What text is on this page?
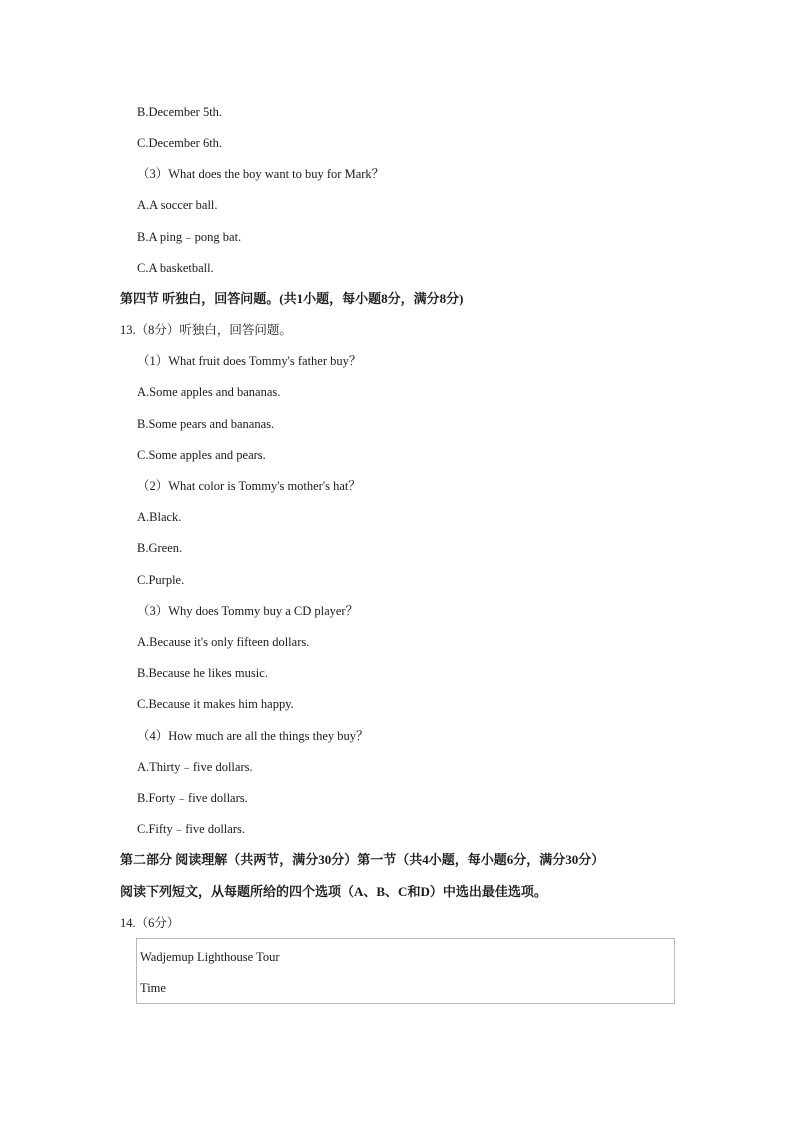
B.December 5th.
C.December 6th.
（3）What does the boy want to buy for Mark？
A.A soccer ball.
B.A ping﹣pong bat.
C.A basketball.
第四节 听独白，回答问题。(共1小题，每小题8分，满分8分)
13.（8分）听独白，回答问题。
（1）What fruit does Tommy's father buy？
A.Some apples and bananas.
B.Some pears and bananas.
C.Some apples and pears.
（2）What color is Tommy's mother's hat？
A.Black.
B.Green.
C.Purple.
（3）Why does Tommy buy a CD player？
A.Because it's only fifteen dollars.
B.Because he likes music.
C.Because it makes him happy.
（4）How much are all the things they buy？
A.Thirty﹣five dollars.
B.Forty﹣five dollars.
C.Fifty﹣five dollars.
第二部分 阅读理解（共两节，满分30分）第一节（共4小题，每小题6分，满分30分）
阅读下列短文，从每题所给的四个选项（A、B、C和D）中选出最佳选项。
14.（6分）
Wadjemup Lighthouse Tour
Time
